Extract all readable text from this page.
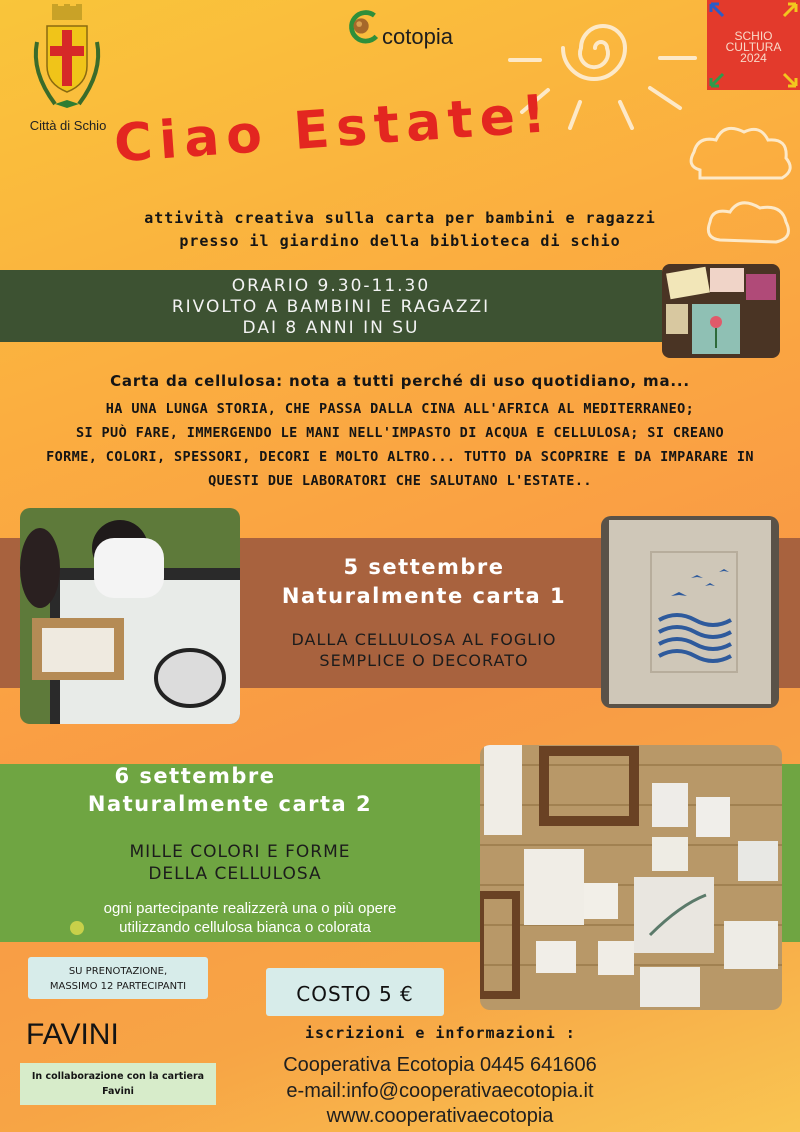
Città di Schio
cotopia	SCHIO
CULTURA
2024
Ciao Estate!
attività creativa sulla carta per bambini e ragazzi
presso il giardino della biblioteca di schio
ORARIO 9.30-11.30
RIVOLTO A BAMBINI E RAGAZZI
DAI 8 ANNI IN SU
Carta da cellulosa: nota a tutti perché di uso quotidiano, ma...
HA UNA LUNGA STORIA, CHE PASSA DALLA CINA ALL'AFRICA AL MEDITERRANEO;
SI PUÒ FARE, IMMERGENDO LE MANI NELL'IMPASTO DI ACQUA E CELLULOSA; SI CREANO
FORME, COLORI, SPESSORI, DECORI E MOLTO ALTRO... TUTTO DA SCOPRIRE E DA IMPARARE IN
QUESTI DUE LABORATORI CHE SALUTANO L'ESTATE..
5 settembre
Naturalmente carta 1
DALLA CELLULOSA AL FOGLIO
SEMPLICE O DECORATO
6 settembre
Naturalmente carta 2
MILLE COLORI E FORME
DELLA CELLULOSA
ogni partecipante realizzerà una o più opere
utilizzando cellulosa bianca o colorata
SU PRENOTAZIONE,
MASSIMO 12 PARTECIPANTI	COSTO 5 €
FAVINI
In collaborazione con la cartiera Favini
iscrizioni e informazioni :
Cooperativa Ecotopia 0445 641606
e-mail:info@cooperativaecotopia.it
www.cooperativaecotopia
